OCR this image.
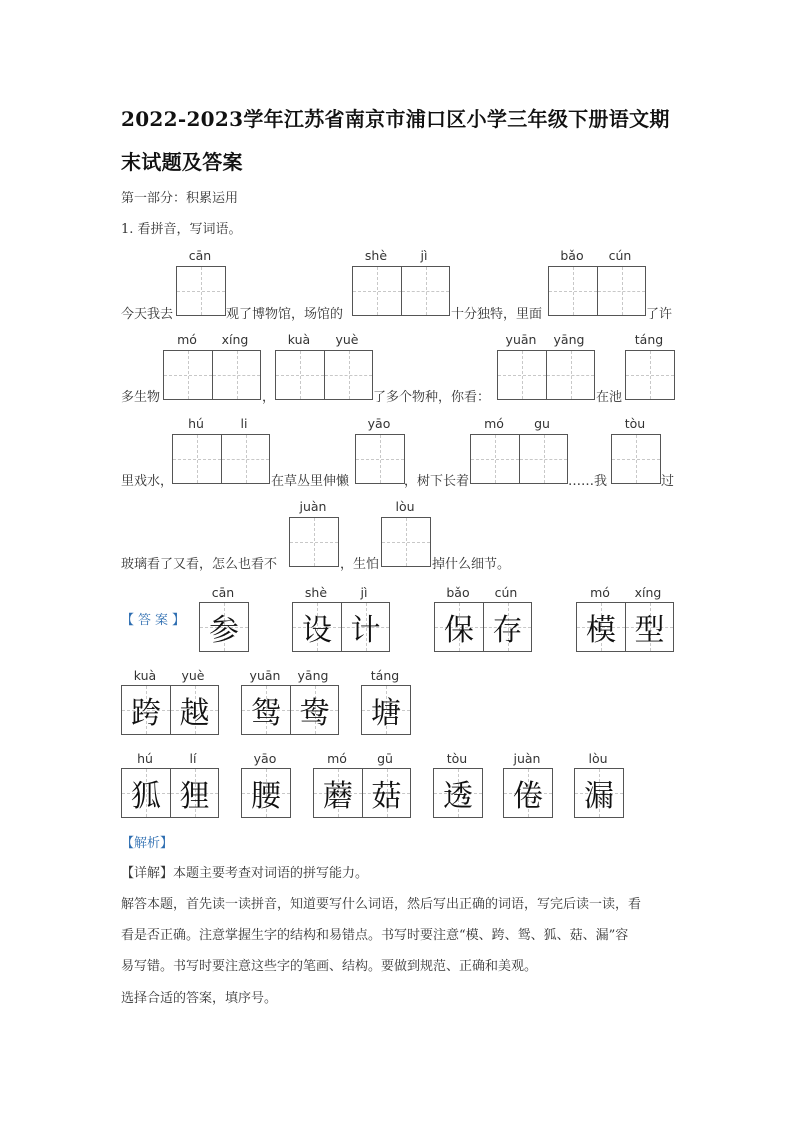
2022-2023学年江苏省南京市浦口区小学三年级下册语文期
末试题及答案
第一部分：积累运用
1. 看拼音，写词语。
cān	shè	jì	bǎo	cún
今天我去	观了博物馆，场馆的	十分独特，里面	了许
mó	xíng	kuà	yuè	yuān	yāng	táng
多生物	，	了多个物种，你看：	在池
hú	li	yāo	mó	gu	tòu
里戏水，	在草丛里伸懒	，树下长着	……我	过
juàn	lòu
玻璃看了又看，怎么也看不	，生怕	掉什么细节。
【答案】
cān	shè	jì	bǎo	cún	mó	xíng
参	设 计	保 存	模 型
kuà	yuè	yuān	yāng	táng
跨 越	鸳 鸯	塘
hú	lí	yāo	mó	gū	tòu	juàn	lòu
狐 狸	腰	蘑 菇	透	倦	漏
【解析】
【详解】本题主要考查对词语的拼写能力。
解答本题，首先读一读拼音，知道要写什么词语，然后写出正确的词语，写完后读一读，看
看是否正确。注意掌握生字的结构和易错点。书写时要注意“模、跨、鸳、狐、菇、漏”容
易写错。书写时要注意这些字的笔画、结构。要做到规范、正确和美观。
选择合适的答案，填序号。
